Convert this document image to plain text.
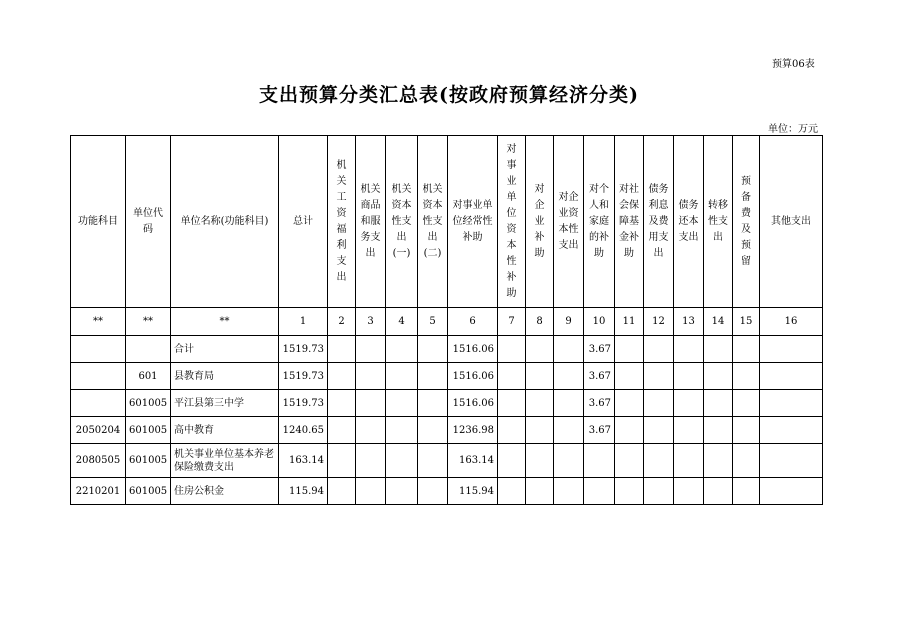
预算06表
支出预算分类汇总表(按政府预算经济分类)
单位：万元
功能科目	单位代码	单位名称(功能科目)	总计	机关工资福利支出	机关商品和服务支出	机关资本性支出(一)	机关资本性支出(二)	对事业单位经常性补助	对事业单位资本性补助	对企业补助	对企业资本性支出	对个人和家庭的补助	对社会保障基金补助	债务利息及费用支出	债务还本支出	转移性支出	预备费及预留	其他支出
**	**	**	1	2	3	4	5	6	7	8	9	10	11	12	13	14	15	16
		合计	1519.73					1516.06				3.67						
	601	县教育局	1519.73					1516.06				3.67						
	601005	平江县第三中学	1519.73					1516.06				3.67						
2050204	601005	高中教育	1240.65					1236.98				3.67						
2080505	601005	机关事业单位基本养老保险缴费支出	163.14					163.14										
2210201	601005	住房公积金	115.94					115.94										
